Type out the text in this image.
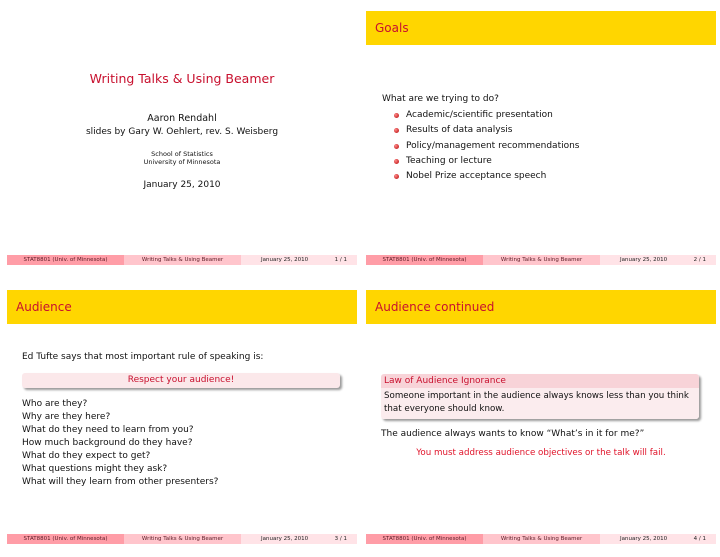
Writing Talks & Using Beamer
Aaron Rendahl
slides by Gary W. Oehlert, rev. S. Weisberg
School of Statistics
University of Minnesota
January 25, 2010
STAT8801 (Univ. of Minnesota)	Writing Talks & Using Beamer	January 25, 2010	1 / 1
Goals
What are we trying to do?
Academic/scientific presentation
Results of data analysis
Policy/management recommendations
Teaching or lecture
Nobel Prize acceptance speech
STAT8801 (Univ. of Minnesota)	Writing Talks & Using Beamer	January 25, 2010	2 / 1
Audience
Ed Tufte says that most important rule of speaking is:
Respect your audience!
Who are they?
Why are they here?
What do they need to learn from you?
How much background do they have?
What do they expect to get?
What questions might they ask?
What will they learn from other presenters?
STAT8801 (Univ. of Minnesota)	Writing Talks & Using Beamer	January 25, 2010	3 / 1
Audience continued
Law of Audience Ignorance
Someone important in the audience always knows less than you think that everyone should know.
The audience always wants to know “What’s in it for me?”
You must address audience objectives or the talk will fail.
STAT8801 (Univ. of Minnesota)	Writing Talks & Using Beamer	January 25, 2010	4 / 1
